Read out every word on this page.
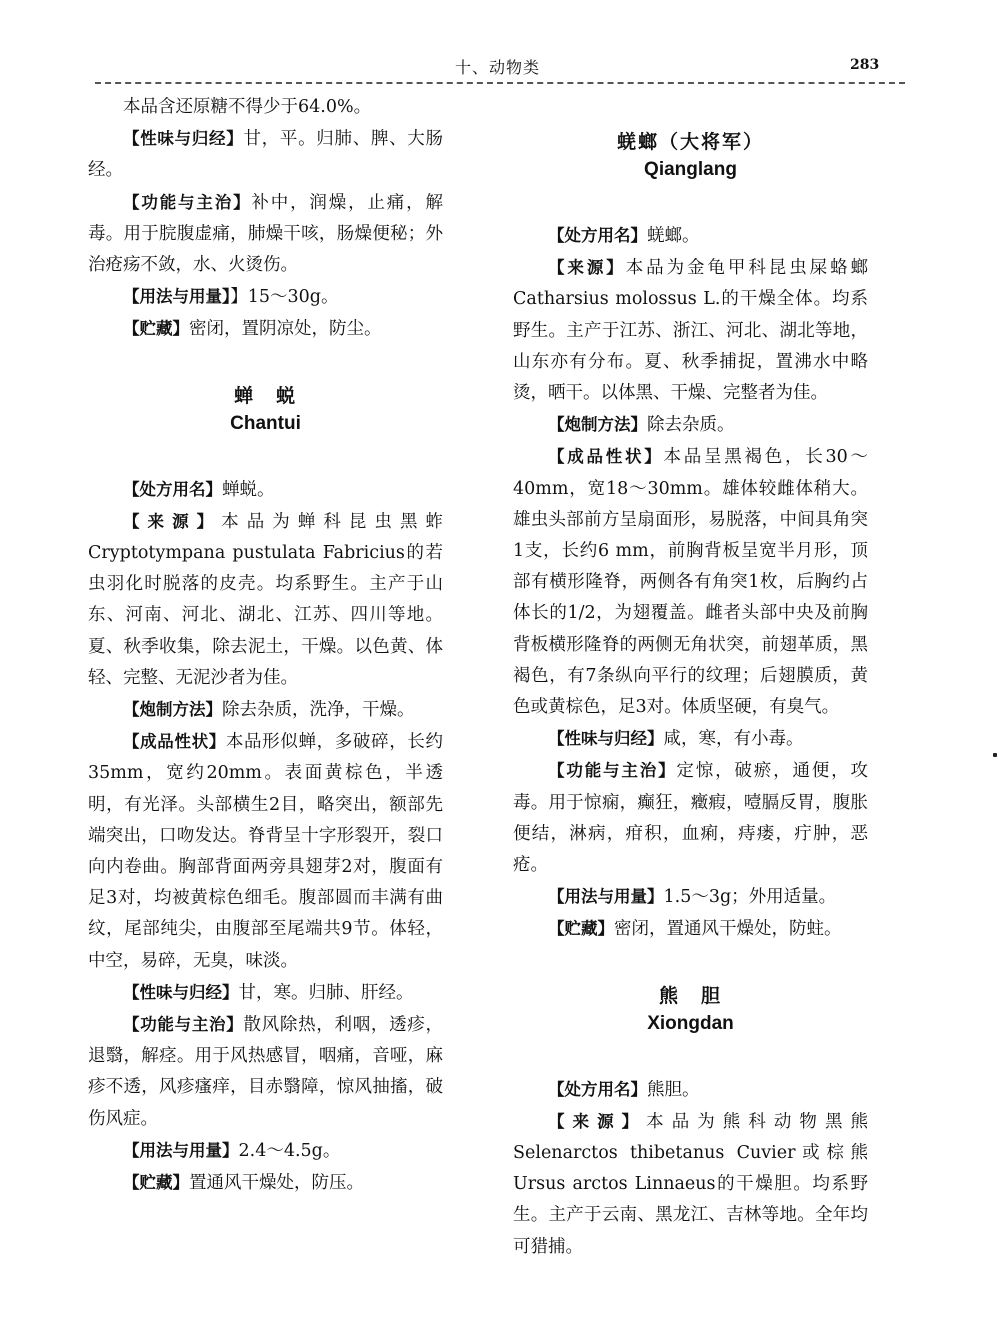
十、动物类	283

本品含还原糖不得少于64.0%。

【性味与归经】甘，平。归肺、脾、大肠经。

【功能与主治】补中，润燥，止痛，解毒。用于脘腹虚痛，肺燥干咳，肠燥便秘；外治疮疡不敛，水、火烫伤。

【用法与用量】】15～30g。

【贮藏】密闭，置阴凉处，防尘。

蝉　蜕
Chantui

【处方用名】蝉蜕。

【来源】本品为蝉科昆虫黑蚱Cryptotympana pustulata Fabricius的若虫羽化时脱落的皮壳。均系野生。主产于山东、河南、河北、湖北、江苏、四川等地。夏、秋季收集，除去泥土，干燥。以色黄、体轻、完整、无泥沙者为佳。

【炮制方法】除去杂质，洗净，干燥。

【成品性状】本品形似蝉，多破碎，长约35mm，宽约20mm。表面黄棕色，半透明，有光泽。头部横生2目，略突出，额部先端突出，口吻发达。脊背呈十字形裂开，裂口向内卷曲。胸部背面两旁具翅芽2对，腹面有足3对，均被黄棕色细毛。腹部圆而丰满有曲纹，尾部纯尖，由腹部至尾端共9节。体轻，中空，易碎，无臭，味淡。

【性味与归经】甘，寒。归肺、肝经。

【功能与主治】散风除热，利咽，透疹，退翳，解痉。用于风热感冒，咽痛，音哑，麻疹不透，风疹瘙痒，目赤翳障，惊风抽搐，破伤风症。

【用法与用量】2.4～4.5g。

【贮藏】置通风干燥处，防压。

蜣螂（大将军）
Qianglang

【处方用名】蜣螂。

【来源】本品为金龟甲科昆虫屎蛒螂Catharsius molossus L.的干燥全体。均系野生。主产于江苏、浙江、河北、湖北等地，山东亦有分布。夏、秋季捕捉，置沸水中略烫，晒干。以体黑、干燥、完整者为佳。

【炮制方法】除去杂质。

【成品性状】本品呈黑褐色，长30～40mm，宽18～30mm。雄体较雌体稍大。雄虫头部前方呈扇面形，易脱落，中间具角突1支，长约6 mm，前胸背板呈宽半月形，顶部有横形隆脊，两侧各有角突1枚，后胸约占体长的1/2，为翅覆盖。雌者头部中央及前胸背板横形隆脊的两侧无角状突，前翅革质，黑褐色，有7条纵向平行的纹理；后翅膜质，黄色或黄棕色，足3对。体质坚硬，有臭气。

【性味与归经】咸，寒，有小毒。

【功能与主治】定惊，破瘀，通便，攻毒。用于惊痫，癫狂，癥瘕，噎膈反胃，腹胀便结，淋病，疳积，血痢，痔瘘，疔肿，恶疮。

【用法与用量】1.5～3g；外用适量。

【贮藏】密闭，置通风干燥处，防蛀。

熊　胆
Xiongdan

【处方用名】熊胆。

【来源】本品为熊科动物黑熊Selenarctos thibetanus Cuvier或棕熊Ursus arctos Linnaeus的干燥胆。均系野生。主产于云南、黑龙江、吉林等地。全年均可猎捕。
